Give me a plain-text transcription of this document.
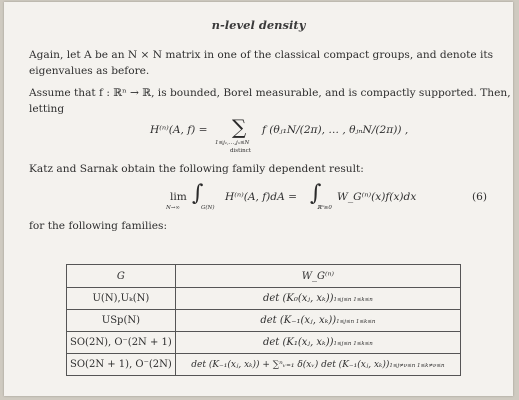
n-level density
Again, let A be an N × N matrix in one of the classical compact groups, and denote its
eigenvalues as before.
Assume that f : ℝⁿ → ℝ, is bounded, Borel measurable, and is compactly supported. Then,
letting
H⁽ⁿ⁾(A, f) = ∑
1≤j₁,…,jₙ≤N
distinct
f (θⱼ₁N/(2π), … , θⱼₙN/(2π)) ,
Katz and Sarnak obtain the following family dependent result:
lim
N→∞
∫
G(N)
H⁽ⁿ⁾(A, f)dA = ∫
ℝⁿ≥0
W_G⁽ⁿ⁾(x)f(x)dx	(6)
for the following families:
G	W_G⁽ⁿ⁾
U(N),Uₖ(N)	det (K₀(xⱼ, xₖ))1≤j≤n 1≤k≤n
USp(N)	det (K₋₁(xⱼ, xₖ))1≤j≤n 1≤k≤n
SO(2N), O⁻(2N + 1)	det (K₁(xⱼ, xₖ))1≤j≤n 1≤k≤n
SO(2N + 1), O⁻(2N)	det (K₋₁(xⱼ, xₖ)) + ∑ⁿᵥ₌₁ δ(xᵥ) det (K₋₁(xⱼ, xₖ))1≤j≠ν≤n 1≤k≠ν≤n
